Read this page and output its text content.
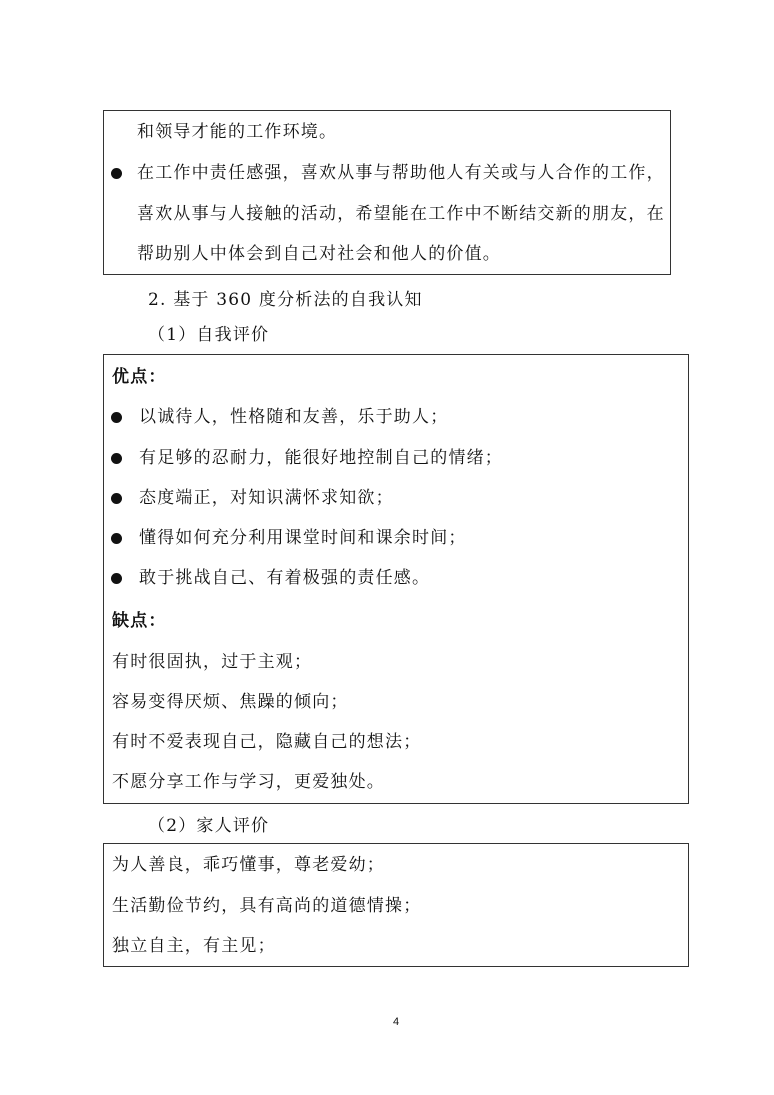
和领导才能的工作环境。
在工作中责任感强，喜欢从事与帮助他人有关或与人合作的工作，
喜欢从事与人接触的活动，希望能在工作中不断结交新的朋友，在
帮助别人中体会到自己对社会和他人的价值。
2. 基于 360 度分析法的自我认知
（1）自我评价
优点：
以诚待人，性格随和友善，乐于助人；
有足够的忍耐力，能很好地控制自己的情绪；
态度端正，对知识满怀求知欲；
懂得如何充分利用课堂时间和课余时间；
敢于挑战自己、有着极强的责任感。
缺点：
有时很固执，过于主观；
容易变得厌烦、焦躁的倾向；
有时不爱表现自己，隐藏自己的想法；
不愿分享工作与学习，更爱独处。
（2）家人评价
为人善良，乖巧懂事，尊老爱幼；
生活勤俭节约，具有高尚的道德情操；
独立自主，有主见；
4
